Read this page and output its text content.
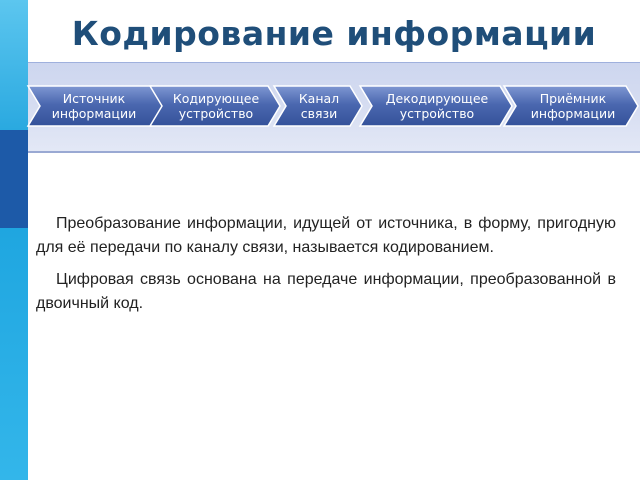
Кодирование информации
Источник
информации
Кодирующее
устройство
Канал
связи
Декодирующее
устройство
Приёмник
информации

Преобразование информации, идущей от источника, в форму, пригодную для её передачи по каналу связи, называется кодированием.

Цифровая связь основана на передаче информации, преобразованной в двоичный код.
